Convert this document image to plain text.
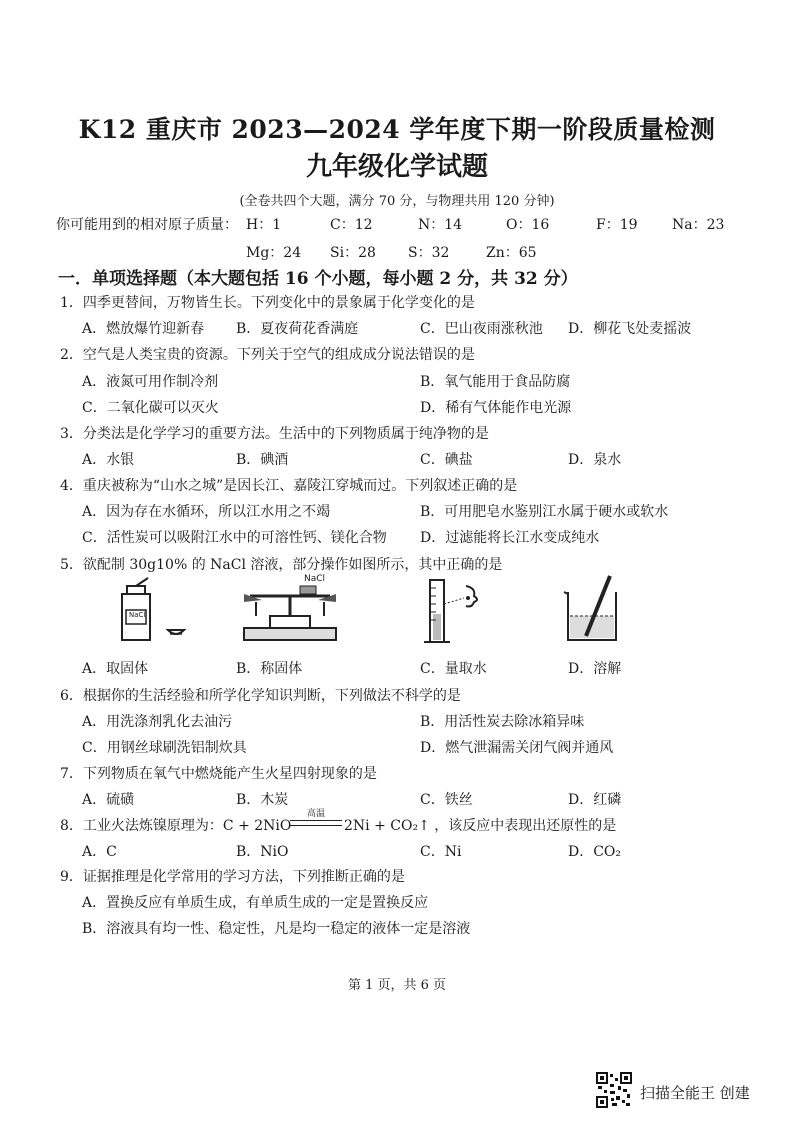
K12 重庆市 2023—2024 学年度下期一阶段质量检测
九年级化学试题
(全卷共四个大题，满分 70 分，与物理共用 120 分钟)
你可能用到的相对原子质量： H：1	C：12	N：14	O：16	F：19 Na：23
Mg：24 Si：28 S：32	Zn：65
一．单项选择题（本大题包括 16 个小题，每小题 2 分，共 32 分）
1．四季更替间，万物皆生长。下列变化中的景象属于化学变化的是
A．燃放爆竹迎新春 B．夏夜荷花香满庭	C．巴山夜雨涨秋池 D．柳花飞处麦摇波
2．空气是人类宝贵的资源。下列关于空气的组成成分说法错误的是
A．液氮可用作制冷剂	B．氧气能用于食品防腐
C．二氧化碳可以灭火	D．稀有气体能作电光源
3．分类法是化学学习的重要方法。生活中的下列物质属于纯净物的是
A．水银	B．碘酒	C．碘盐	D．泉水
4．重庆被称为“山水之城”是因长江、嘉陵江穿城而过。下列叙述正确的是
A．因为存在水循环，所以江水用之不竭	B．可用肥皂水鉴别江水属于硬水或软水
C．活性炭可以吸附江水中的可溶性钙、镁化合物 D．过滤能将长江水变成纯水
5．欲配制 30g10% 的 NaCl 溶液，部分操作如图所示，其中正确的是
NaCl
NaCl
A．取固体	B．称固体	C．量取水	D．溶解
6．根据你的生活经验和所学化学知识判断，下列做法不科学的是
A．用洗涤剂乳化去油污	B．用活性炭去除冰箱异味
C．用钢丝球刷洗铝制炊具	D．燃气泄漏需关闭气阀并通风
7．下列物质在氧气中燃烧能产生火星四射现象的是
A．硫磺	B．木炭	C．铁丝	D．红磷
8．工业火法炼镍原理为：C + 2NiO
高温
2Ni + CO₂↑ ，该反应中表现出还原性的是
A．C	B．NiO	C．Ni	D．CO₂
9．证据推理是化学常用的学习方法，下列推断正确的是
A．置换反应有单质生成，有单质生成的一定是置换反应
B．溶液具有均一性、稳定性，凡是均一稳定的液体一定是溶液
第 1 页，共 6 页
扫描全能王 创建
